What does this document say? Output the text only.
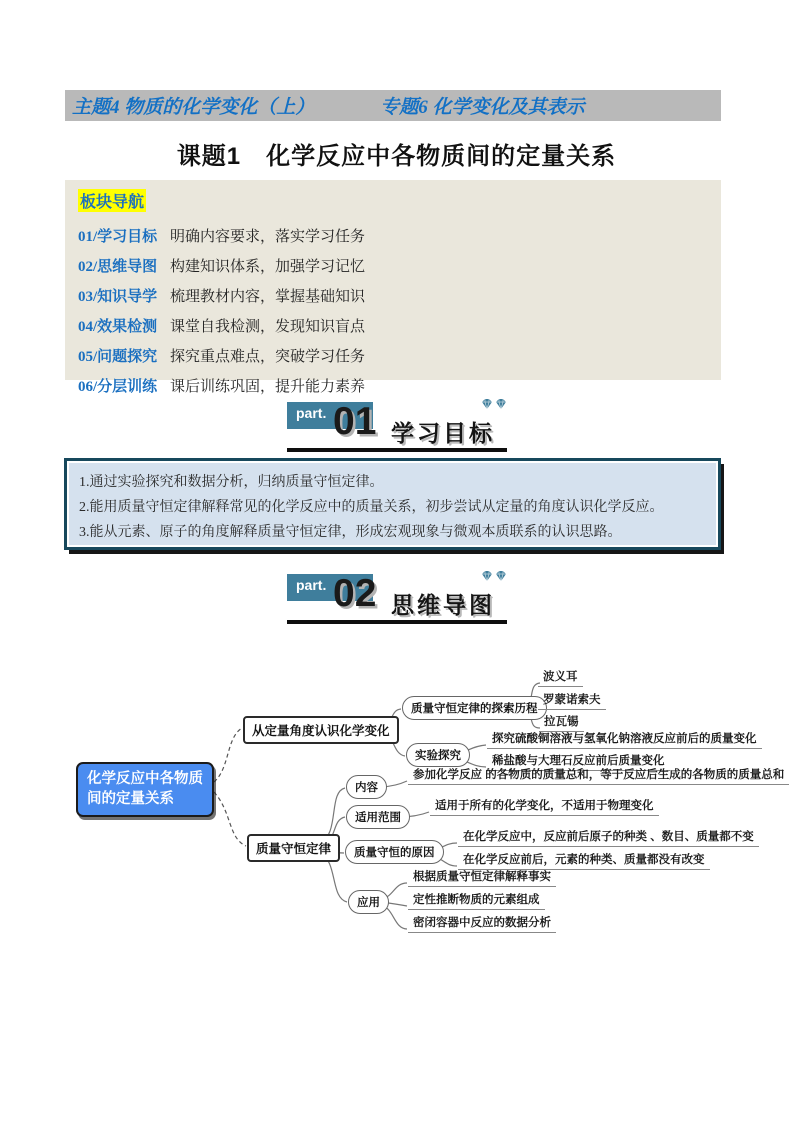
主题4 物质的化学变化（上）	专题6 化学变化及其表示
课题1　化学反应中各物质间的定量关系
板块导航
01/学习目标 明确内容要求，落实学习任务
02/思维导图 构建知识体系，加强学习记忆
03/知识导学 梳理教材内容，掌握基础知识
04/效果检测 课堂自我检测，发现知识盲点
05/问题探究 探究重点难点，突破学习任务
06/分层训练 课后训练巩固，提升能力素养
part. 01 学习目标
1.通过实验探究和数据分析，归纳质量守恒定律。
2.能用质量守恒定律解释常见的化学反应中的质量关系，初步尝试从定量的角度认识化学反应。
3.能从元素、原子的角度解释质量守恒定律，形成宏观现象与微观本质联系的认识思路。
part. 02 思维导图
化学反应中各物质间的定量关系
从定量角度认识化学变化
质量守恒定律
质量守恒定律的探索历程
波义耳
罗蒙诺索夫
拉瓦锡
实验探究
探究硫酸铜溶液与氢氧化钠溶液反应前后的质量变化
稀盐酸与大理石反应前后质量变化
内容
参加化学反应 的各物质的质量总和，等于反应后生成的各物质的质量总和
适用范围
适用于所有的化学变化，不适用于物理变化
质量守恒的原因
在化学反应中，反应前后原子的种类 、数目、质量都不变
在化学反应前后，元素的种类、质量都没有改变
应用
根据质量守恒定律解释事实
定性推断物质的元素组成
密闭容器中反应的数据分析
